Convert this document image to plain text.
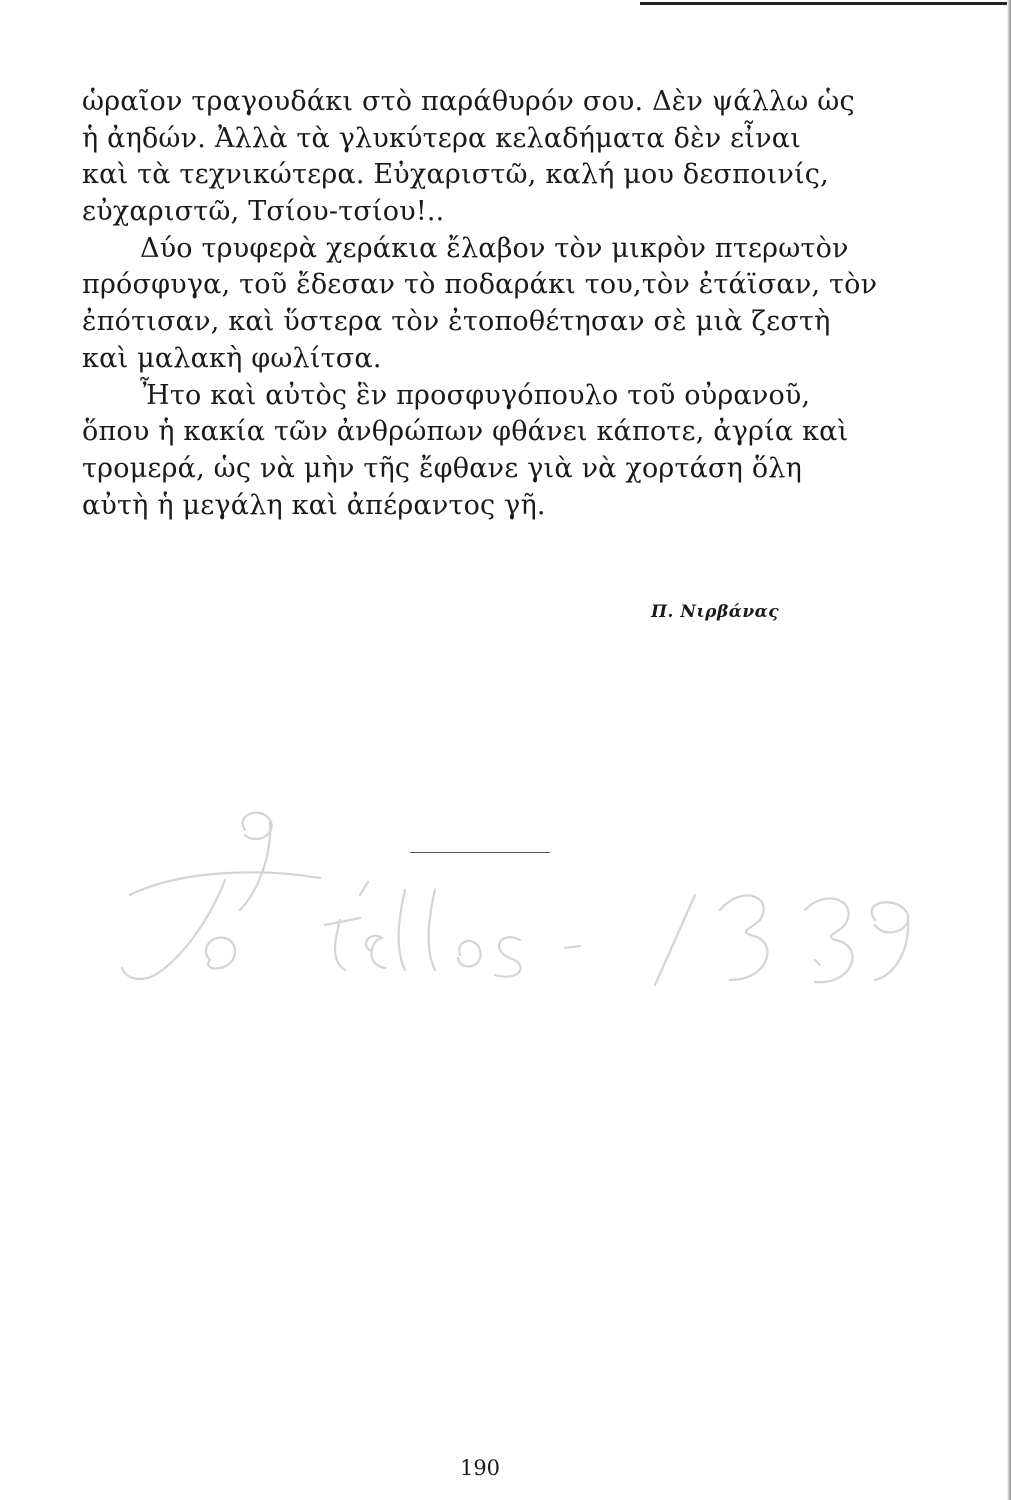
ὡραῖον τραγουδάκι στὸ παράθυρόν σου. Δὲν ψάλλω ὡς
ἡ ἀηδών. Ἀλλὰ τὰ γλυκύτερα κελαδήματα δὲν εἶναι
καὶ τὰ τεχνικώτερα. Εὐχαριστῶ, καλή μου δεσποινίς,
εὐχαριστῶ, Τσίου-τσίου!..
Δύο τρυφερὰ χεράκια ἔλαβον τὸν μικρὸν πτερωτὸν
πρόσφυγα, τοῦ ἔδεσαν τὸ ποδαράκι του,τὸν ἐτάϊσαν, τὸν
ἐπότισαν, καὶ ὕστερα τὸν ἐτοποθέτησαν σὲ μιὰ ζεστὴ
καὶ μαλακὴ φωλίτσα.
Ἦτο καὶ αὐτὸς ἓν προσφυγόπουλο τοῦ οὐρανοῦ,
ὅπου ἡ κακία τῶν ἀνθρώπων φθάνει κάποτε, ἀγρία καὶ
τρομερά, ὡς νὰ μὴν τῆς ἔφθανε γιὰ νὰ χορτάση ὅλη
αὐτὴ ἡ μεγάλη καὶ ἀπέραντος γῆ.
Π. Νιρβάνας
190
